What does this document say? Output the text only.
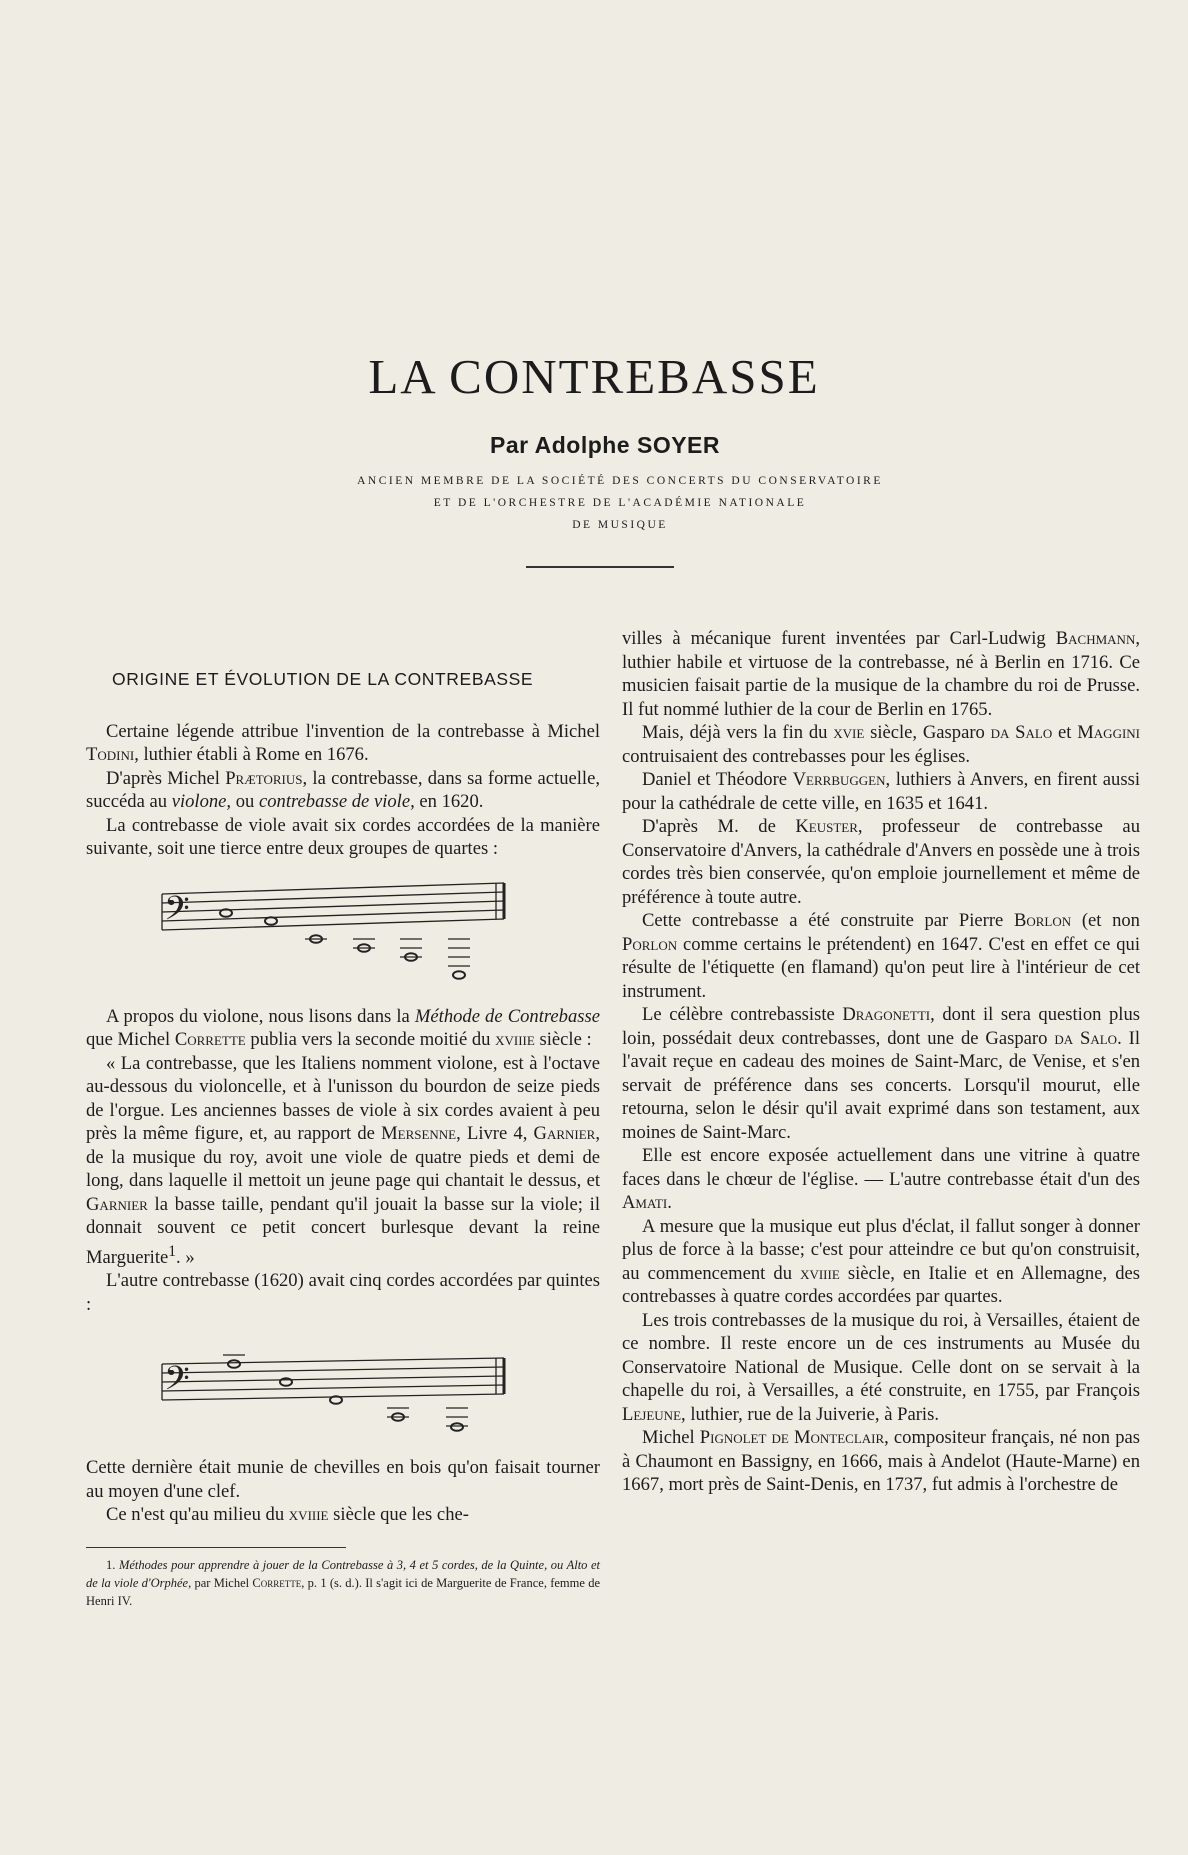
LA CONTREBASSE
Par Adolphe SOYER
ANCIEN MEMBRE DE LA SOCIÉTÉ DES CONCERTS DU CONSERVATOIRE
ET DE L'ORCHESTRE DE L'ACADÉMIE NATIONALE
DE MUSIQUE
ORIGINE ET ÉVOLUTION DE LA CONTREBASSE

Certaine légende attribue l'invention de la contrebasse à Michel Todini, luthier établi à Rome en 1676.

D'après Michel Prætorius, la contrebasse, dans sa forme actuelle, succéda au violone, ou contrebasse de viole, en 1620.

La contrebasse de viole avait six cordes accordées de la manière suivante, soit une tierce entre deux groupes de quartes :

𝄢

A propos du violone, nous lisons dans la Méthode de Contrebasse que Michel Corrette publia vers la seconde moitié du xviiie siècle :

« La contrebasse, que les Italiens nomment violone, est à l'octave au-dessous du violoncelle, et à l'unisson du bourdon de seize pieds de l'orgue. Les anciennes basses de viole à six cordes avaient à peu près la même figure, et, au rapport de Mersenne, Livre 4, Garnier, de la musique du roy, avoit une viole de quatre pieds et demi de long, dans laquelle il mettoit un jeune page qui chantait le dessus, et Garnier la basse taille, pendant qu'il jouait la basse sur la viole; il donnait souvent ce petit concert burlesque devant la reine Marguerite$^1$. »

L'autre contrebasse (1620) avait cinq cordes accordées par quintes :

𝄢

Cette dernière était munie de chevilles en bois qu'on faisait tourner au moyen d'une clef.

Ce n'est qu'au milieu du xviiie siècle que les che-

1. Méthodes pour apprendre à jouer de la Contrebasse à 3, 4 et 5 cordes, de la Quinte, ou Alto et de la viole d'Orphée, par Michel Corrette, p. 1 (s. d.). Il s'agit ici de Marguerite de France, femme de Henri IV.

villes à mécanique furent inventées par Carl-Ludwig Bachmann, luthier habile et virtuose de la contrebasse, né à Berlin en 1716. Ce musicien faisait partie de la musique de la chambre du roi de Prusse. Il fut nommé luthier de la cour de Berlin en 1765.

Mais, déjà vers la fin du xvie siècle, Gasparo da Salo et Maggini contruisaient des contrebasses pour les églises.

Daniel et Théodore Verrbuggen, luthiers à Anvers, en firent aussi pour la cathédrale de cette ville, en 1635 et 1641.

D'après M. de Keuster, professeur de contrebasse au Conservatoire d'Anvers, la cathédrale d'Anvers en possède une à trois cordes très bien conservée, qu'on emploie journellement et même de préférence à toute autre.

Cette contrebasse a été construite par Pierre Borlon (et non Porlon comme certains le prétendent) en 1647. C'est en effet ce qui résulte de l'étiquette (en flamand) qu'on peut lire à l'intérieur de cet instrument.

Le célèbre contrebassiste Dragonetti, dont il sera question plus loin, possédait deux contrebasses, dont une de Gasparo da Salo. Il l'avait reçue en cadeau des moines de Saint-Marc, de Venise, et s'en servait de préférence dans ses concerts. Lorsqu'il mourut, elle retourna, selon le désir qu'il avait exprimé dans son testament, aux moines de Saint-Marc.

Elle est encore exposée actuellement dans une vitrine à quatre faces dans le chœur de l'église. — L'autre contrebasse était d'un des Amati.

A mesure que la musique eut plus d'éclat, il fallut songer à donner plus de force à la basse; c'est pour atteindre ce but qu'on construisit, au commencement du xviiie siècle, en Italie et en Allemagne, des contrebasses à quatre cordes accordées par quartes.

Les trois contrebasses de la musique du roi, à Versailles, étaient de ce nombre. Il reste encore un de ces instruments au Musée du Conservatoire National de Musique. Celle dont on se servait à la chapelle du roi, à Versailles, a été construite, en 1755, par François Lejeune, luthier, rue de la Juiverie, à Paris.

Michel Pignolet de Monteclair, compositeur français, né non pas à Chaumont en Bassigny, en 1666, mais à Andelot (Haute-Marne) en 1667, mort près de Saint-Denis, en 1737, fut admis à l'orchestre de
